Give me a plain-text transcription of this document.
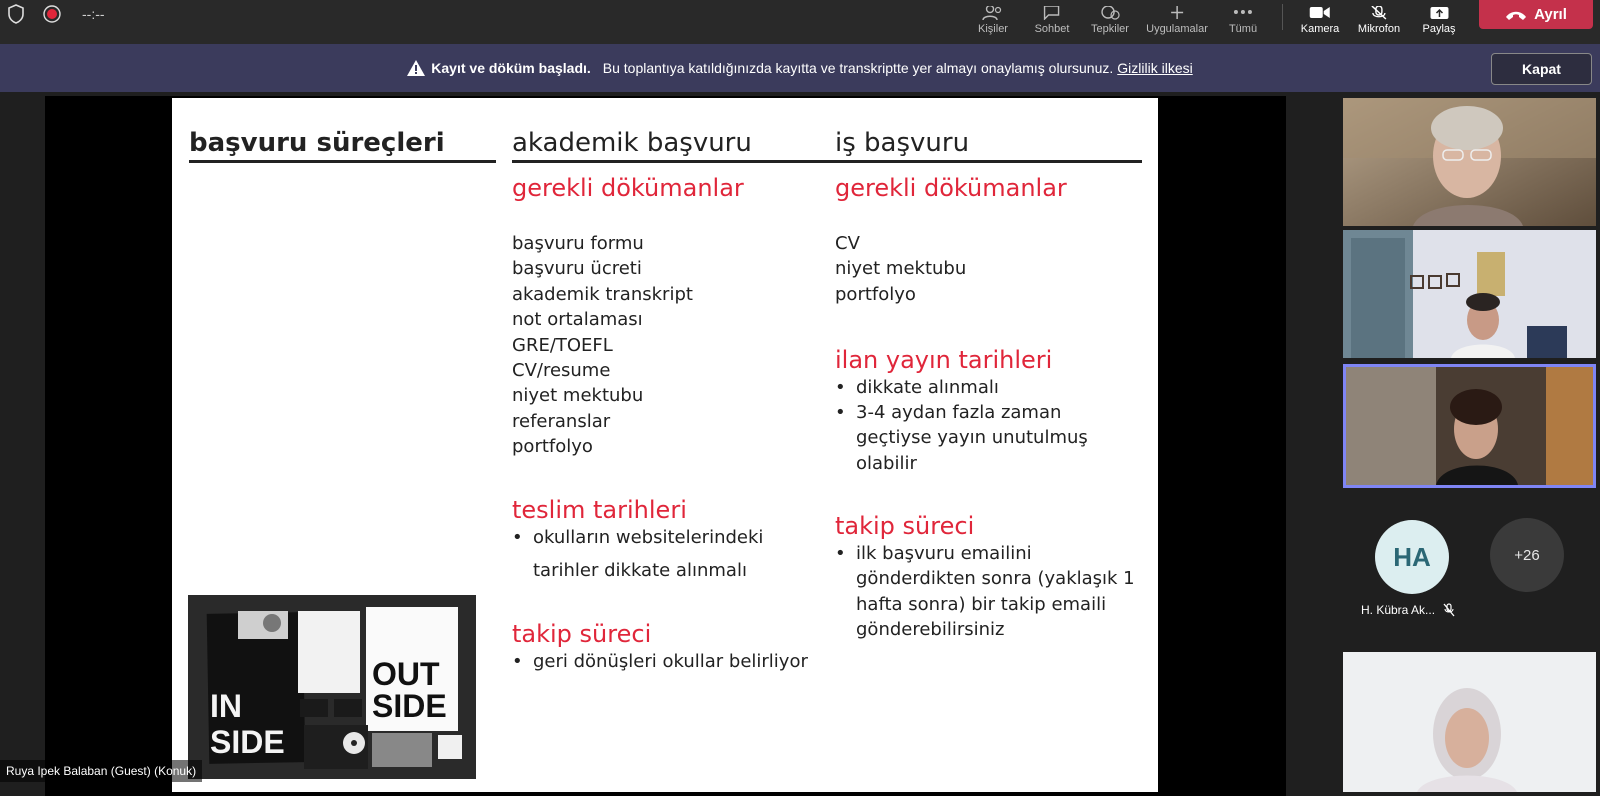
--:--
Kişiler Sohbet Tepkiler Uygulamalar Tümü	Kamera Mikrofon Paylaş
Ayrıl
Kayıt ve döküm başladı. Bu toplantıya katıldığınızda kayıtta ve transkriptte yer almayı onaylamış olursunuz. Gizlilik ilkesi	Kapat
başvuru süreçleri	akademik başvuru	iş başvuru
gerekli dökümanlar
başvuru formu
başvuru ücreti
akademik transkript
not ortalaması
GRE/TOEFL
CV/resume
niyet mektubu
referanslar
portfolyo
teslim tarihleri
• okulların websitelerindeki
tarihler dikkate alınmalı
takip süreci
• geri dönüşleri okullar belirliyor
gerekli dökümanlar
CV
niyet mektubu
portfolyo
ilan yayın tarihleri
• dikkate alınmalı
• 3-4 aydan fazla zaman geçtiyse yayın unutulmuş olabilir
takip süreci
• ilk başvuru emailini gönderdikten sonra (yaklaşık 1 hafta sonra) bir takip emaili gönderebilirsiniz
IN
SIDE
OUT
SIDE
Ruya Ipek Balaban (Guest) (Konuk)
HA	+26
H. Kübra Ak...
